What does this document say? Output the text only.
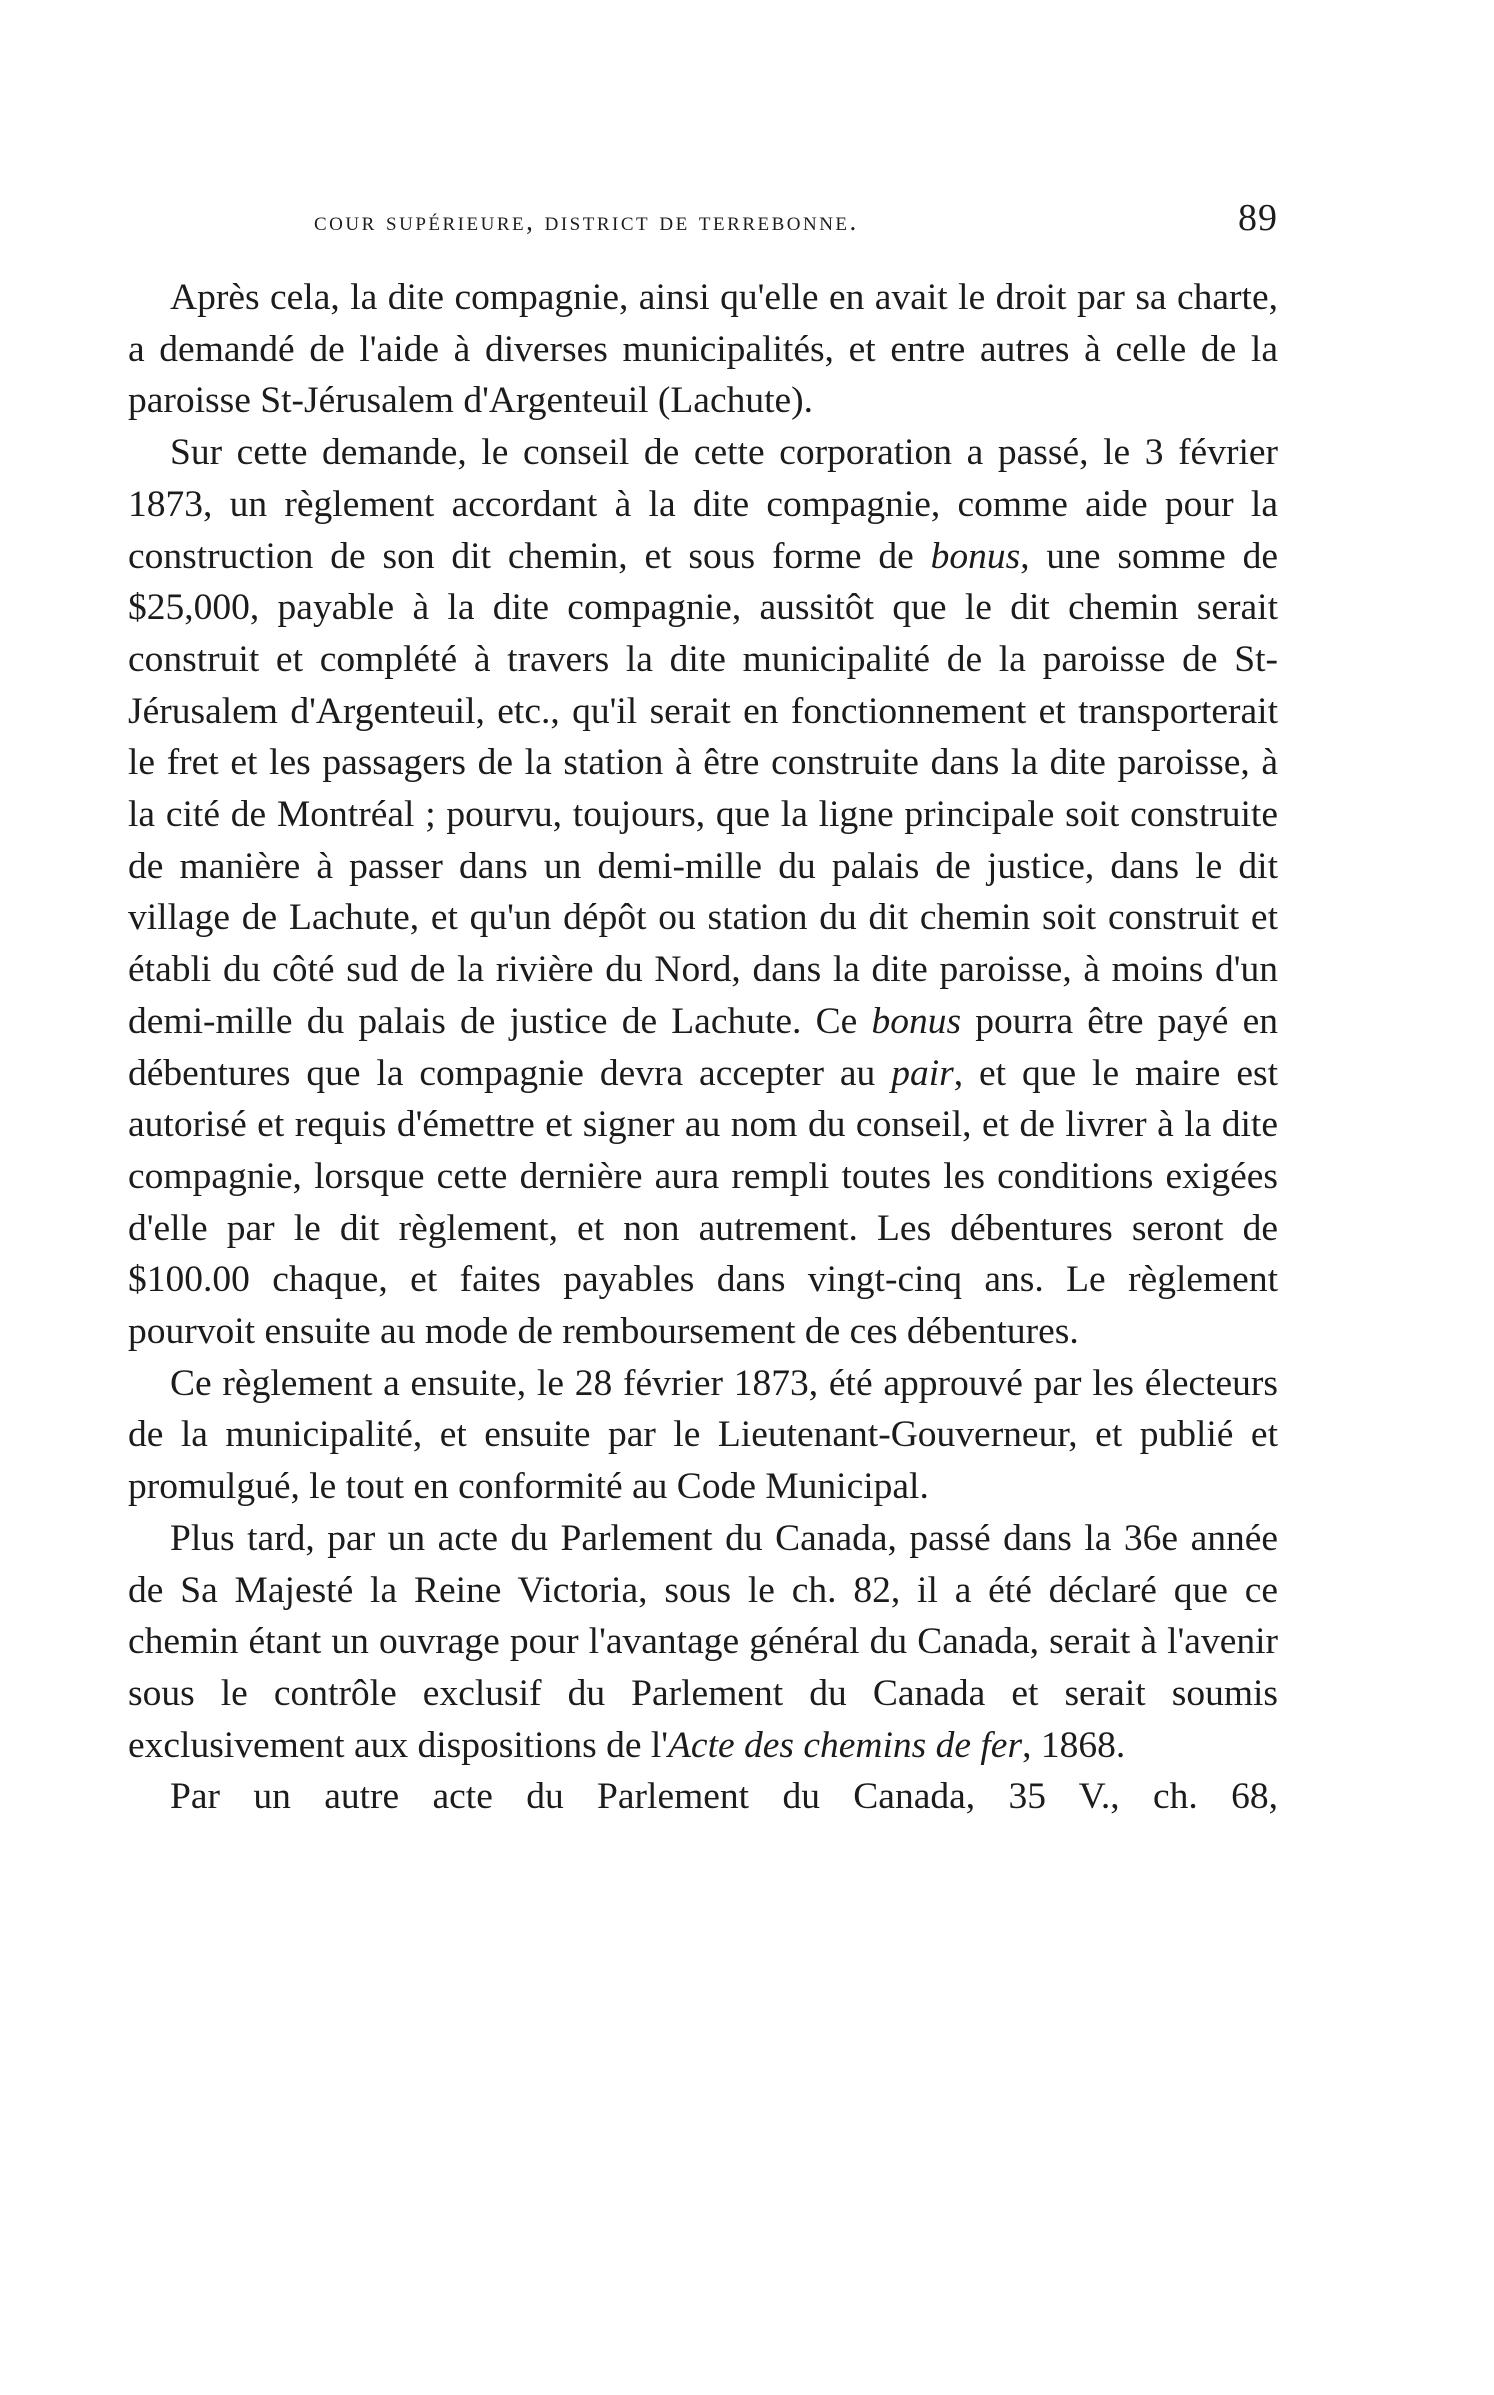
cour supérieure, district de terrebonne.	89

Après cela, la dite compagnie, ainsi qu'elle en avait le droit par sa charte, a demandé de l'aide à diverses municipalités, et entre autres à celle de la paroisse St-Jérusalem d'Argenteuil (Lachute).

Sur cette demande, le conseil de cette corporation a passé, le 3 février 1873, un règlement accordant à la dite compagnie, comme aide pour la construction de son dit chemin, et sous forme de bonus, une somme de $25,000, payable à la dite compagnie, aussitôt que le dit chemin serait construit et complété à travers la dite municipalité de la paroisse de St-Jérusalem d'Argenteuil, etc., qu'il serait en fonctionnement et transporterait le fret et les passagers de la station à être construite dans la dite paroisse, à la cité de Montréal ; pourvu, toujours, que la ligne principale soit construite de manière à passer dans un demi-mille du palais de justice, dans le dit village de Lachute, et qu'un dépôt ou station du dit chemin soit construit et établi du côté sud de la rivière du Nord, dans la dite paroisse, à moins d'un demi-mille du palais de justice de Lachute. Ce bonus pourra être payé en débentures que la compagnie devra accepter au pair, et que le maire est autorisé et requis d'émettre et signer au nom du conseil, et de livrer à la dite compagnie, lorsque cette dernière aura rempli toutes les conditions exigées d'elle par le dit règlement, et non autrement. Les débentures seront de $100.00 chaque, et faites payables dans vingt-cinq ans. Le règlement pourvoit ensuite au mode de remboursement de ces débentures.

Ce règlement a ensuite, le 28 février 1873, été approuvé par les électeurs de la municipalité, et ensuite par le Lieutenant-Gouverneur, et publié et promulgué, le tout en conformité au Code Municipal.

Plus tard, par un acte du Parlement du Canada, passé dans la 36e année de Sa Majesté la Reine Victoria, sous le ch. 82, il a été déclaré que ce chemin étant un ouvrage pour l'avantage général du Canada, serait à l'avenir sous le contrôle exclusif du Parlement du Canada et serait soumis exclusivement aux dispositions de l'Acte des chemins de fer, 1868.

Par un autre acte du Parlement du Canada, 35 V., ch. 68,
